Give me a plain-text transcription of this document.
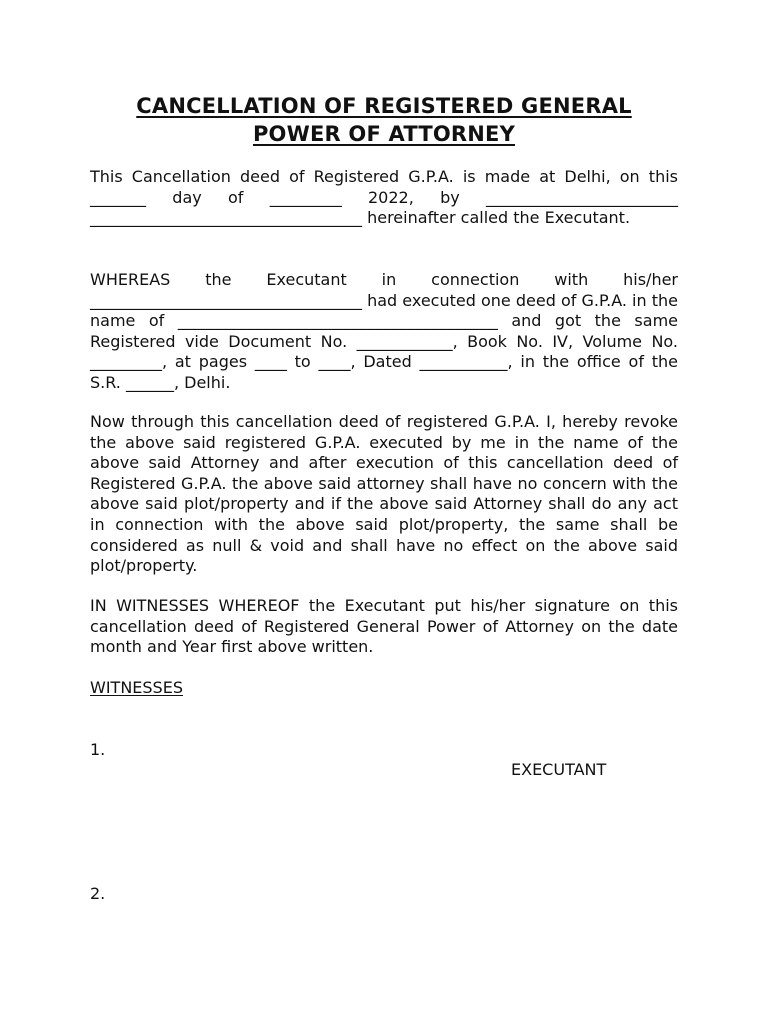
CANCELLATION OF REGISTERED GENERAL
POWER OF ATTORNEY
This Cancellation deed of Registered G.P.A. is made at Delhi, on this _______ day of _________ 2022, by ________________________ __________________________________ hereinafter called the Executant.
WHEREAS the Executant in connection with his/her __________________________________ had executed one deed of G.P.A. in the name of ________________________________________ and got the same Registered vide Document No. ____________, Book No. IV, Volume No. _________, at pages ____ to ____, Dated ___________, in the office of the S.R. ______, Delhi.
Now through this cancellation deed of registered G.P.A. I, hereby revoke the above said registered G.P.A. executed by me in the name of the above said Attorney and after execution of this cancellation deed of Registered G.P.A. the above said attorney shall have no concern with the above said plot/property and if the above said Attorney shall do any act in connection with the above said plot/property, the same shall be considered as null & void and shall have no effect on the above said plot/property.
IN WITNESSES WHEREOF the Executant put his/her signature on this cancellation deed of Registered General Power of Attorney on the date month and Year first above written.
WITNESSES
1.
EXECUTANT
2.
